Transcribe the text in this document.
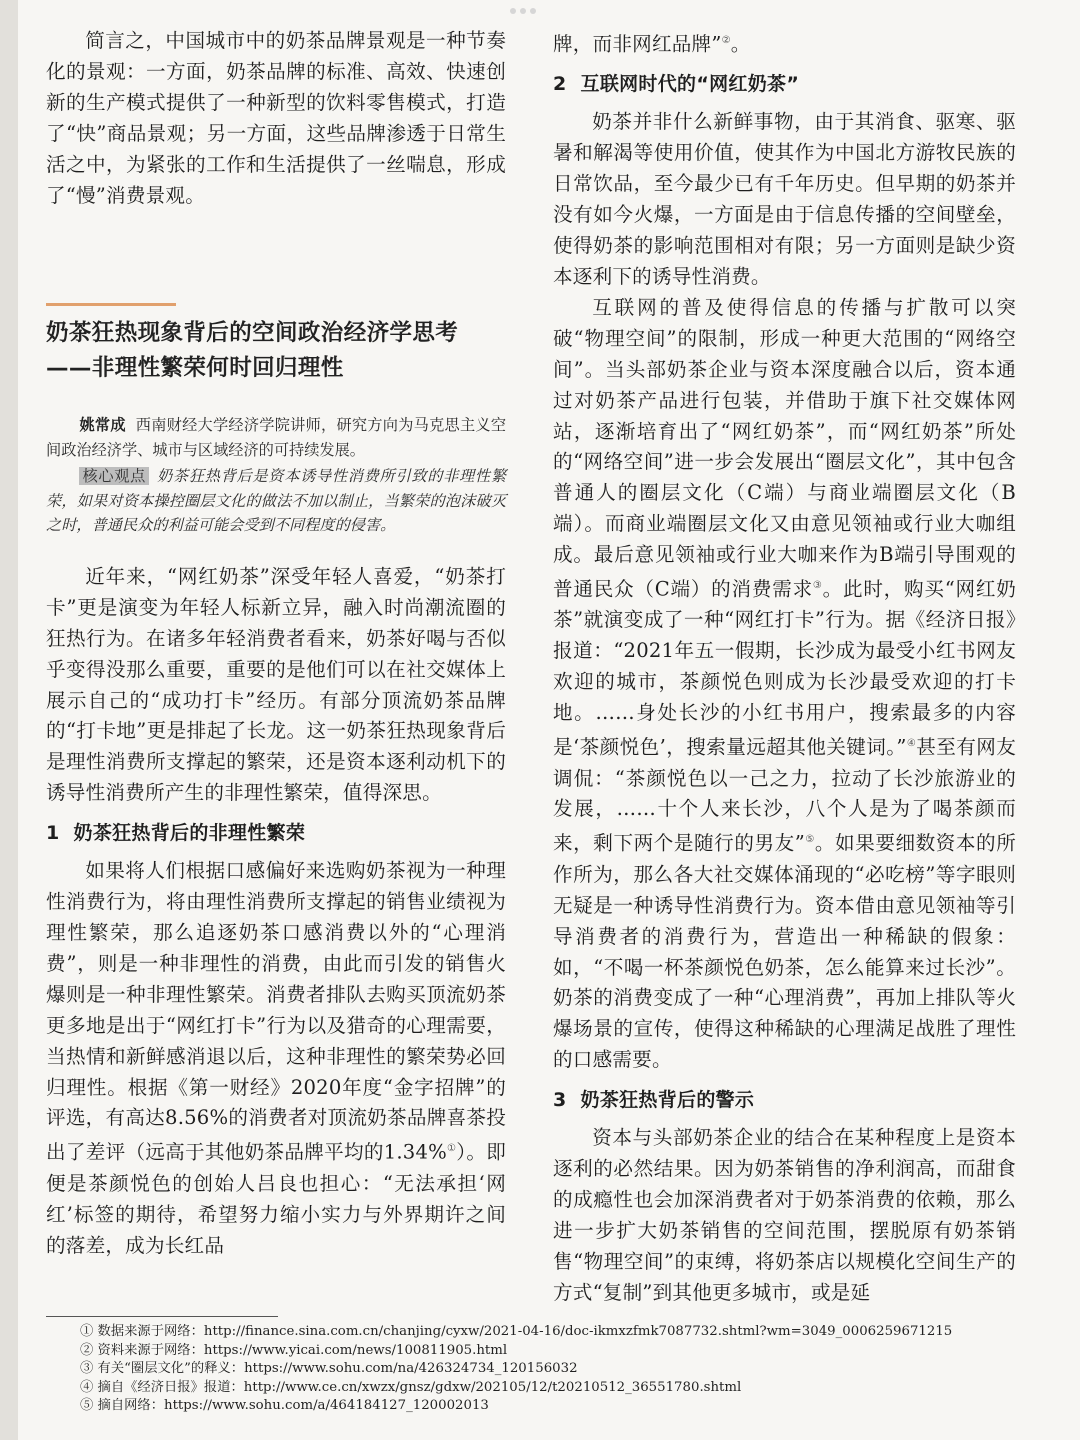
简言之，中国城市中的奶茶品牌景观是一种节奏化的景观：一方面，奶茶品牌的标准、高效、快速创新的生产模式提供了一种新型的饮料零售模式，打造了“快”商品景观；另一方面，这些品牌渗透于日常生活之中，为紧张的工作和生活提供了一丝喘息，形成了“慢”消费景观。

奶茶狂热现象背后的空间政治经济学思考
——非理性繁荣何时回归理性

姚常成 西南财经大学经济学院讲师，研究方向为马克思主义空间政治经济学、城市与区域经济的可持续发展。

核心观点 奶茶狂热背后是资本诱导性消费所引致的非理性繁荣，如果对资本操控圈层文化的做法不加以制止，当繁荣的泡沫破灭之时，普通民众的利益可能会受到不同程度的侵害。

近年来，“网红奶茶”深受年轻人喜爱，“奶茶打卡”更是演变为年轻人标新立异，融入时尚潮流圈的狂热行为。在诸多年轻消费者看来，奶茶好喝与否似乎变得没那么重要，重要的是他们可以在社交媒体上展示自己的“成功打卡”经历。有部分顶流奶茶品牌的“打卡地”更是排起了长龙。这一奶茶狂热现象背后是理性消费所支撑起的繁荣，还是资本逐利动机下的诱导性消费所产生的非理性繁荣，值得深思。

1 奶茶狂热背后的非理性繁荣

如果将人们根据口感偏好来选购奶茶视为一种理性消费行为，将由理性消费所支撑起的销售业绩视为理性繁荣，那么追逐奶茶口感消费以外的“心理消费”，则是一种非理性的消费，由此而引发的销售火爆则是一种非理性繁荣。消费者排队去购买顶流奶茶更多地是出于“网红打卡”行为以及猎奇的心理需要，当热情和新鲜感消退以后，这种非理性的繁荣势必回归理性。根据《第一财经》2020年度“金字招牌”的评选，有高达8.56%的消费者对顶流奶茶品牌喜茶投出了差评（远高于其他奶茶品牌平均的1.34%①）。即便是茶颜悦色的创始人吕良也担心：“无法承担‘网红’标签的期待，希望努力缩小实力与外界期许之间的落差，成为长红品

牌，而非网红品牌”②。

2 互联网时代的“网红奶茶”

奶茶并非什么新鲜事物，由于其消食、驱寒、驱暑和解渴等使用价值，使其作为中国北方游牧民族的日常饮品，至今最少已有千年历史。但早期的奶茶并没有如今火爆，一方面是由于信息传播的空间壁垒，使得奶茶的影响范围相对有限；另一方面则是缺少资本逐利下的诱导性消费。

互联网的普及使得信息的传播与扩散可以突破“物理空间”的限制，形成一种更大范围的“网络空间”。当头部奶茶企业与资本深度融合以后，资本通过对奶茶产品进行包装，并借助于旗下社交媒体网站，逐渐培育出了“网红奶茶”，而“网红奶茶”所处的“网络空间”进一步会发展出“圈层文化”，其中包含普通人的圈层文化（C端）与商业端圈层文化（B端）。而商业端圈层文化又由意见领袖或行业大咖组成。最后意见领袖或行业大咖来作为B端引导围观的普通民众（C端）的消费需求③。此时，购买“网红奶茶”就演变成了一种“网红打卡”行为。据《经济日报》报道：“2021年五一假期，长沙成为最受小红书网友欢迎的城市，茶颜悦色则成为长沙最受欢迎的打卡地。……身处长沙的小红书用户，搜索最多的内容是‘茶颜悦色’，搜索量远超其他关键词。”④甚至有网友调侃：“茶颜悦色以一己之力，拉动了长沙旅游业的发展，……十个人来长沙，八个人是为了喝茶颜而来，剩下两个是随行的男友”⑤。如果要细数资本的所作所为，那么各大社交媒体涌现的“必吃榜”等字眼则无疑是一种诱导性消费行为。资本借由意见领袖等引导消费者的消费行为，营造出一种稀缺的假象：如，“不喝一杯茶颜悦色奶茶，怎么能算来过长沙”。奶茶的消费变成了一种“心理消费”，再加上排队等火爆场景的宣传，使得这种稀缺的心理满足战胜了理性的口感需要。

3 奶茶狂热背后的警示

资本与头部奶茶企业的结合在某种程度上是资本逐利的必然结果。因为奶茶销售的净利润高，而甜食的成瘾性也会加深消费者对于奶茶消费的依赖，那么进一步扩大奶茶销售的空间范围，摆脱原有奶茶销售“物理空间”的束缚，将奶茶店以规模化空间生产的方式“复制”到其他更多城市，或是延

① 数据来源于网络：http://finance.sina.com.cn/chanjing/cyxw/2021-04-16/doc-ikmxzfmk7087732.shtml?wm=3049_0006259671215
② 资料来源于网络：https://www.yicai.com/news/100811905.html
③ 有关“圈层文化”的释义：https://www.sohu.com/na/426324734_120156032
④ 摘自《经济日报》报道：http://www.ce.cn/xwzx/gnsz/gdxw/202105/12/t20210512_36551780.shtml
⑤ 摘自网络：https://www.sohu.com/a/464184127_120002013
